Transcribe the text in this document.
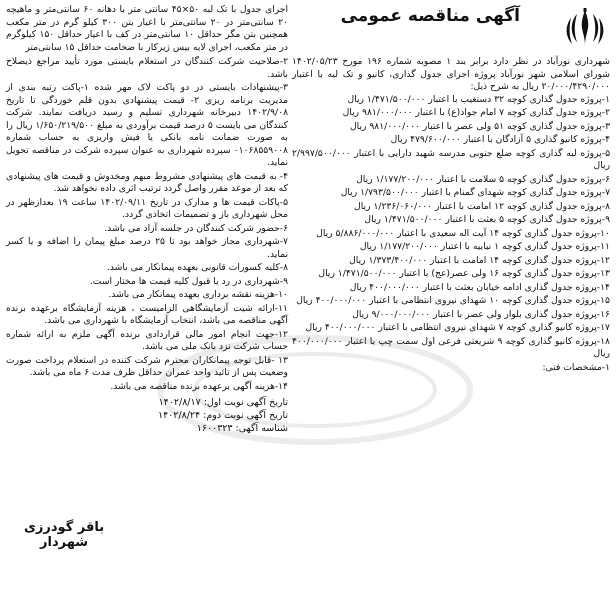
آگهی مناقصه عمومی

شهرداری نورآباد در نظر دارد برابر بند ۱ مصوبه شماره ۱۹۶ مورخ ۱۴۰۲/۰۵/۲۳ شورای اسلامی شهر نورآباد پروژه اجرای جدول گذاری، کانیو و تک لبه با اعتبار ۲۰/۰۰۰/۴۲۹۰/۰۰۰ ریال به شرح ذیل:

۱-پروژه جدول گذاری کوچه ۳۲ دستغیب با اعتبار ۱/۴۷۱/۵۰۰/۰۰۰ ریال
۲-پروژه جدول گذاری کوچه ۷ امام جواد(ع) با اعتبار ۹۸۱/۰۰۰/۰۰۰ ریال
۳-پروژه جدول گذاری کوچه ۵۱ ولی عصر با اعتبار ۹۸۱/۰۰۰/۰۰۰ ریال
۴-پروژه کانیو گذاری ۵ آزادگان با اعتبار ۴۷۹/۶۰۰/۰۰۰ ریال
۵-پروژه لبه گذاری کوچه ضلع جنوبی مدرسه شهید دارایی با اعتبار ۲/۹۹۷/۵۰۰/۰۰۰ ریال
۶-پروژه جدول گذاری کوچه ۵ سلامت با اعتبار ۱/۱۷۷/۲۰۰/۰۰۰ ریال
۷-پروژه جدول گذاری کوچه شهدای گمنام با اعتبار ۱/۷۹۳/۵۰۰/۰۰۰ ریال
۸-پروژه جدول گذاری کوچه ۱۲ امامت با اعتبار ۱/۲۳۶/۰۶۰/۰۰۰ ریال
۹-پروژه جدول گذاری کوچه ۵ بعثت با اعتبار ۱/۴۷۱/۵۰۰/۰۰۰ ریال
۱۰-پروژه جدول گذاری کوچه ۱۴ آیت اله سعیدی با اعتبار ۵/۸۸۶/۰۰۰/۰۰۰ ریال
۱۱-پروژه جدول گذاری کوچه ۱ نیاییه با اعتبار ۱/۱۷۷/۲۰۰/۰۰۰ ریال
۱۲-پروژه جدول گذاری کوچه ۱۴ امامت با اعتبار ۱/۳۷۳/۴۰۰/۰۰۰ ریال
۱۳-پروژه جدول گذاری کوچه ۱۶ ولی عصر(عج) با اعتبار ۱/۴۷۱/۵۰۰/۰۰۰ ریال
۱۴-پروژه جدول گذاری ادامه خیابان بعثت با اعتبار ۴۰۰/۰۰۰/۰۰۰ ریال
۱۵-پروژه جدول گذاری کوچه ۱۰ شهدای نیروی انتظامی با اعتبار ۴۰۰/۰۰۰/۰۰۰ ریال
۱۶-پروژه جدول گذاری بلوار ولی عصر با اعتبار ۹/۰۰۰/۰۰۰/۰۰۰ ریال
۱۷-پروژه کانیو گذاری کوچه ۷ شهدای نیروی انتظامی با اعتبار ۴۰۰/۰۰۰/۰۰۰ ریال
۱۸-پروژه کانیو گذاری کوچه ۹ شریعتی فرعی اول سمت چپ با اعتبار ۴۰۰/۰۰۰/۰۰۰ ریال
۱-مشخصات فنی:

اجرای جدول با تک لبه ۵۰×۴۵ سانتی متر با دهانه ۶۰ سانتی‌متر و ماهیچه ۲۰ سانتی‌متر در ۲۰ سانتی‌متر با اعیار بتن ۳۰۰ کیلو گرم در متر مکعب همچنین بتن مگر حداقل ۱۰ سانتی‌متر در کف با اعیار حداقل ۱۵۰ کیلوگرم در متر مکعب، اجرای لایه بیس زیرکار با ضخامت حداقل ۱۵ سانتی‌متر

۲-صلاحیت شرکت کنندگان در استعلام بایستی مورد تأیید مراجع ذیصلاح باشد.
۳-پیشنهادات بایستی در دو پاکت لاک مهر شده ۱-پاکت رتبه بندی از مدیریت برنامه ریزی ۲- قیمت پیشنهادی بدون قلم خوردگی تا تاریخ ۱۴۰۲/۹/۰۸ دبیرخانه شهرداری تسلیم و رسید دریافت نمایند. شرکت کنندگان می بایست ۵ درصد قیمت برآوردی به مبلغ ۱/۶۵۰/۲۱۹/۵۰۰ ریال را به صورت ضمانت نامه بانکی یا فیش واریزی به حساب شماره ۰۱۰۶۸۵۵۹۰۰۸ سپرده شهرداری به عنوان سپرده شرکت در مناقصه تحویل نماید.
۴- به قیمت های پیشنهادی مشروط مبهم ومخدوش و قیمت های پیشنهادی که بعد از موعد مقرر واصل گردد ترتیب اثری داده نخواهد شد.
۵-پاکات قیمت ها و مدارک در تاریخ ۱۴۰۲/۰۹/۱۱ ساعت ۱۹ بعدازظهر در محل شهرداری باز و تصمیمات اتخاذی گردد.
۶-حضور شرکت کنندگان در جلسه آزاد می باشد.
۷-شهرداری مجاز خواهد بود تا ۲۵ درصد مبلغ پیمان را اضافه و یا کسر نماید.
۸-کلیه کسورات قانونی بعهده پیمانکار می باشد.
۹-شهرداری در رد یا قبول کلیه قیمت ها مختار است.
۱۰-هزینه نقشه برداری بعهده پیمانکار می باشد.
۱۱-ارائه شیت آزمایشگاهی الزامیست ، هزینه آزمایشگاه برعهده برنده آگهی مناقصه می باشد، انتخاب آزمایشگاه با شهرداری می باشد.
۱۲-جهت انجام امور مالی قراردادی برنده آگهی ملزم به ارائه شماره حساب شرکت نزد بانک ملی می باشد.
۱۳ -قابل توجه پیمانکاران محترم شرکت کننده در استعلام پرداخت صورت وضعیت پس از تائید واحد عمران حداقل ظرف مدت ۶ ماه می باشد.
۱۴-هزینه آگهی برعهده برنده مناقصه می باشد.
تاریخ آگهی نوبت اول: ۱۴۰۲/۸/۱۷
تاریخ آگهی نوبت دوم: ۱۴۰۲/۸/۲۴
شناسه آگهی: ۱۶۰۰۳۲۳
باقر گودرزی
شهردار
